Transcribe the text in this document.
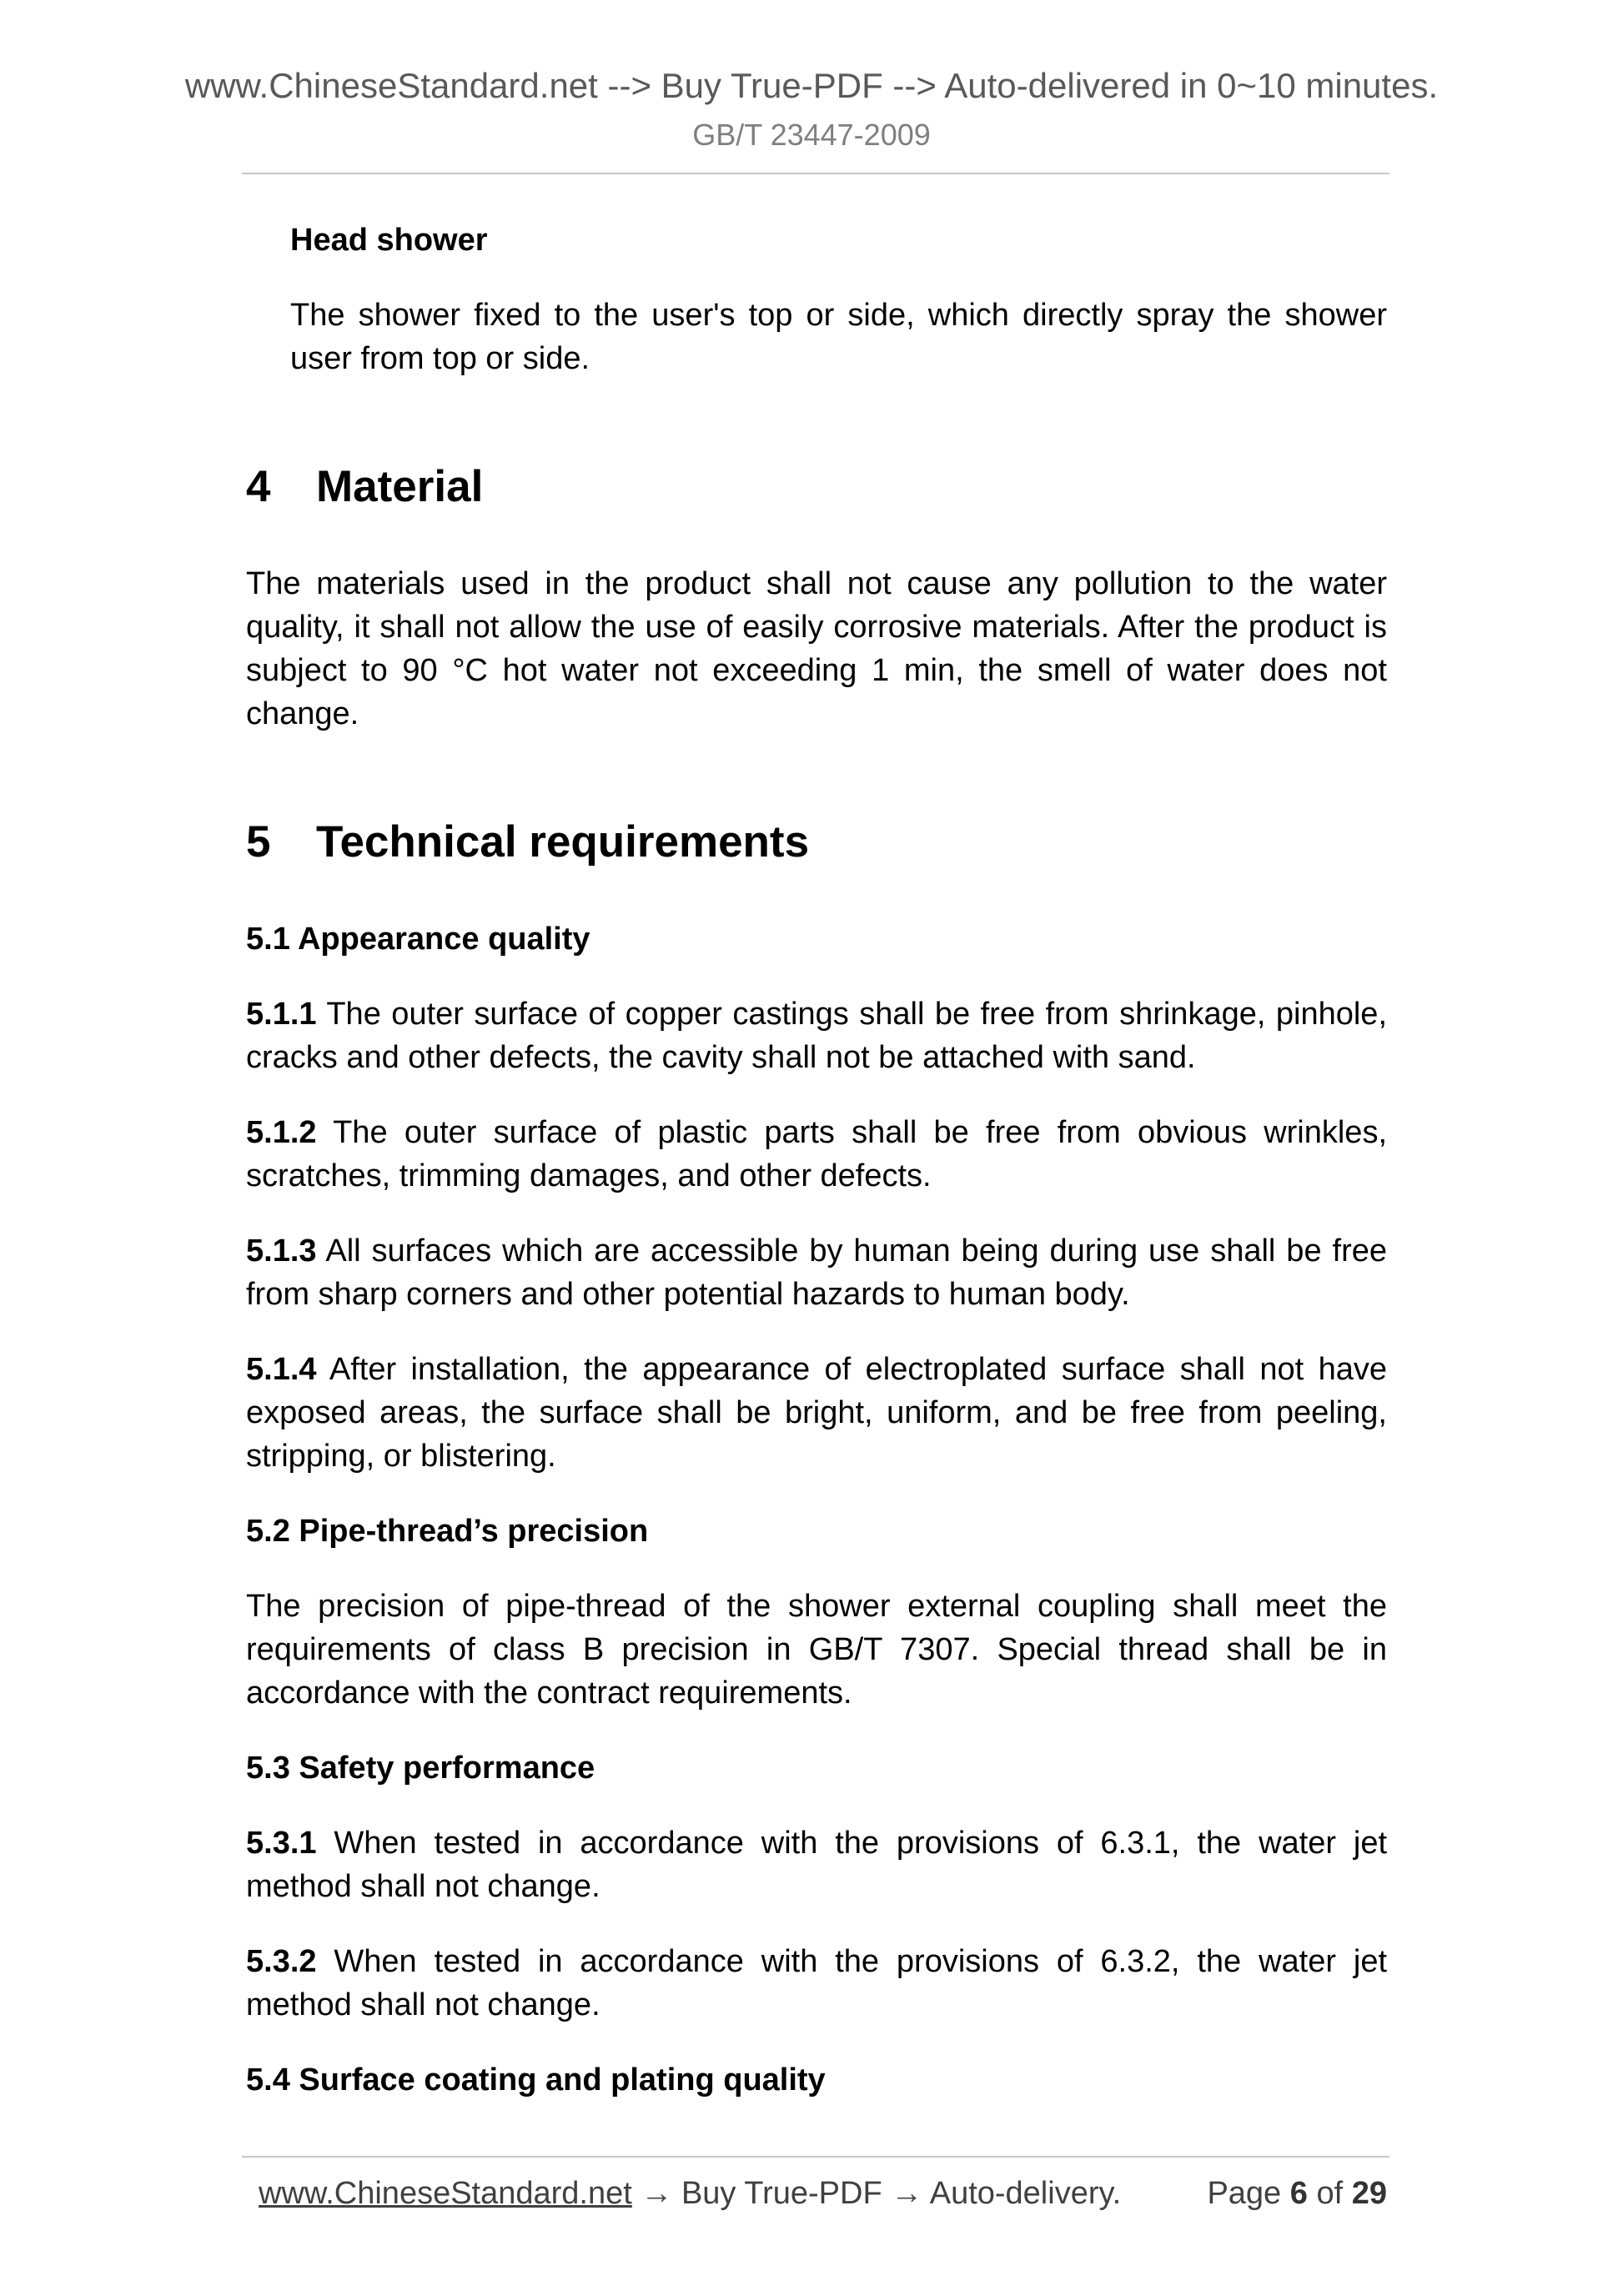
www.ChineseStandard.net --> Buy True-PDF --> Auto-delivered in 0~10 minutes.
GB/T 23447-2009
Head shower

The shower fixed to the user's top or side, which directly spray the shower user from top or side.

4 Material

The materials used in the product shall not cause any pollution to the water quality, it shall not allow the use of easily corrosive materials. After the product is subject to 90 °C hot water not exceeding 1 min, the smell of water does not change.

5 Technical requirements
5.1 Appearance quality

5.1.1 The outer surface of copper castings shall be free from shrinkage, pinhole, cracks and other defects, the cavity shall not be attached with sand.

5.1.2 The outer surface of plastic parts shall be free from obvious wrinkles, scratches, trimming damages, and other defects.

5.1.3 All surfaces which are accessible by human being during use shall be free from sharp corners and other potential hazards to human body.

5.1.4 After installation, the appearance of electroplated surface shall not have exposed areas, the surface shall be bright, uniform, and be free from peeling, stripping, or blistering.

5.2 Pipe-thread’s precision

The precision of pipe-thread of the shower external coupling shall meet the requirements of class B precision in GB/T 7307. Special thread shall be in accordance with the contract requirements.

5.3 Safety performance

5.3.1 When tested in accordance with the provisions of 6.3.1, the water jet method shall not change.

5.3.2 When tested in accordance with the provisions of 6.3.2, the water jet method shall not change.

5.4 Surface coating and plating quality
www.ChineseStandard.net → Buy True-PDF → Auto-delivery.	Page 6 of 29
